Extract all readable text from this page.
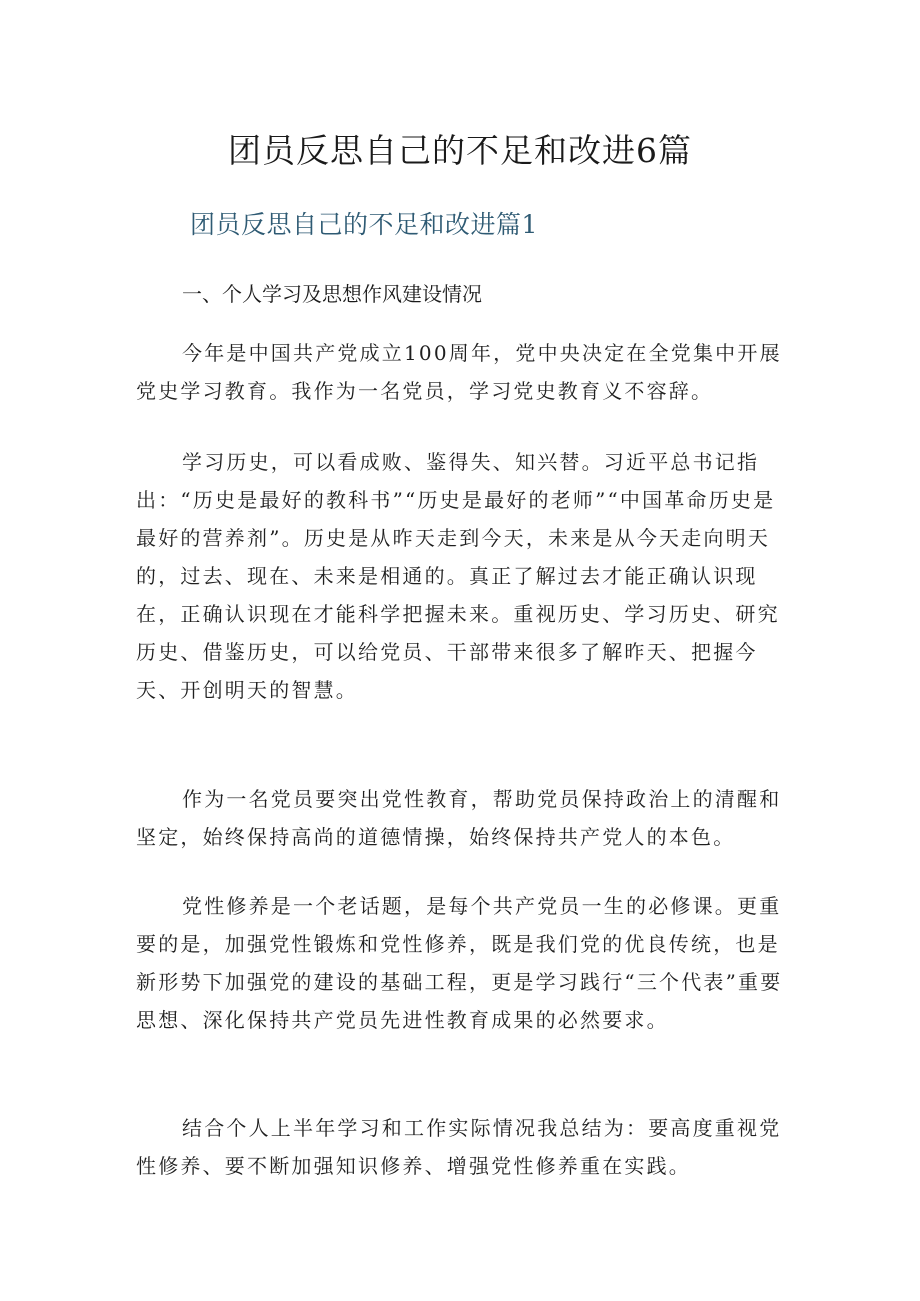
团员反思自己的不足和改进6篇
团员反思自己的不足和改进篇1
一、个人学习及思想作风建设情况

今年是中国共产党成立100周年，党中央决定在全党集中开展党史学习教育。我作为一名党员，学习党史教育义不容辞。

学习历史，可以看成败、鉴得失、知兴替。习近平总书记指出：“历史是最好的教科书”“历史是最好的老师”“中国革命历史是最好的营养剂”。历史是从昨天走到今天，未来是从今天走向明天的，过去、现在、未来是相通的。真正了解过去才能正确认识现在，正确认识现在才能科学把握未来。重视历史、学习历史、研究历史、借鉴历史，可以给党员、干部带来很多了解昨天、把握今天、开创明天的智慧。

作为一名党员要突出党性教育，帮助党员保持政治上的清醒和坚定，始终保持高尚的道德情操，始终保持共产党人的本色。

党性修养是一个老话题，是每个共产党员一生的必修课。更重要的是，加强党性锻炼和党性修养，既是我们党的优良传统，也是新形势下加强党的建设的基础工程，更是学习践行“三个代表”重要思想、深化保持共产党员先进性教育成果的必然要求。

结合个人上半年学习和工作实际情况我总结为：要高度重视党性修养、要不断加强知识修养、增强党性修养重在实践。
